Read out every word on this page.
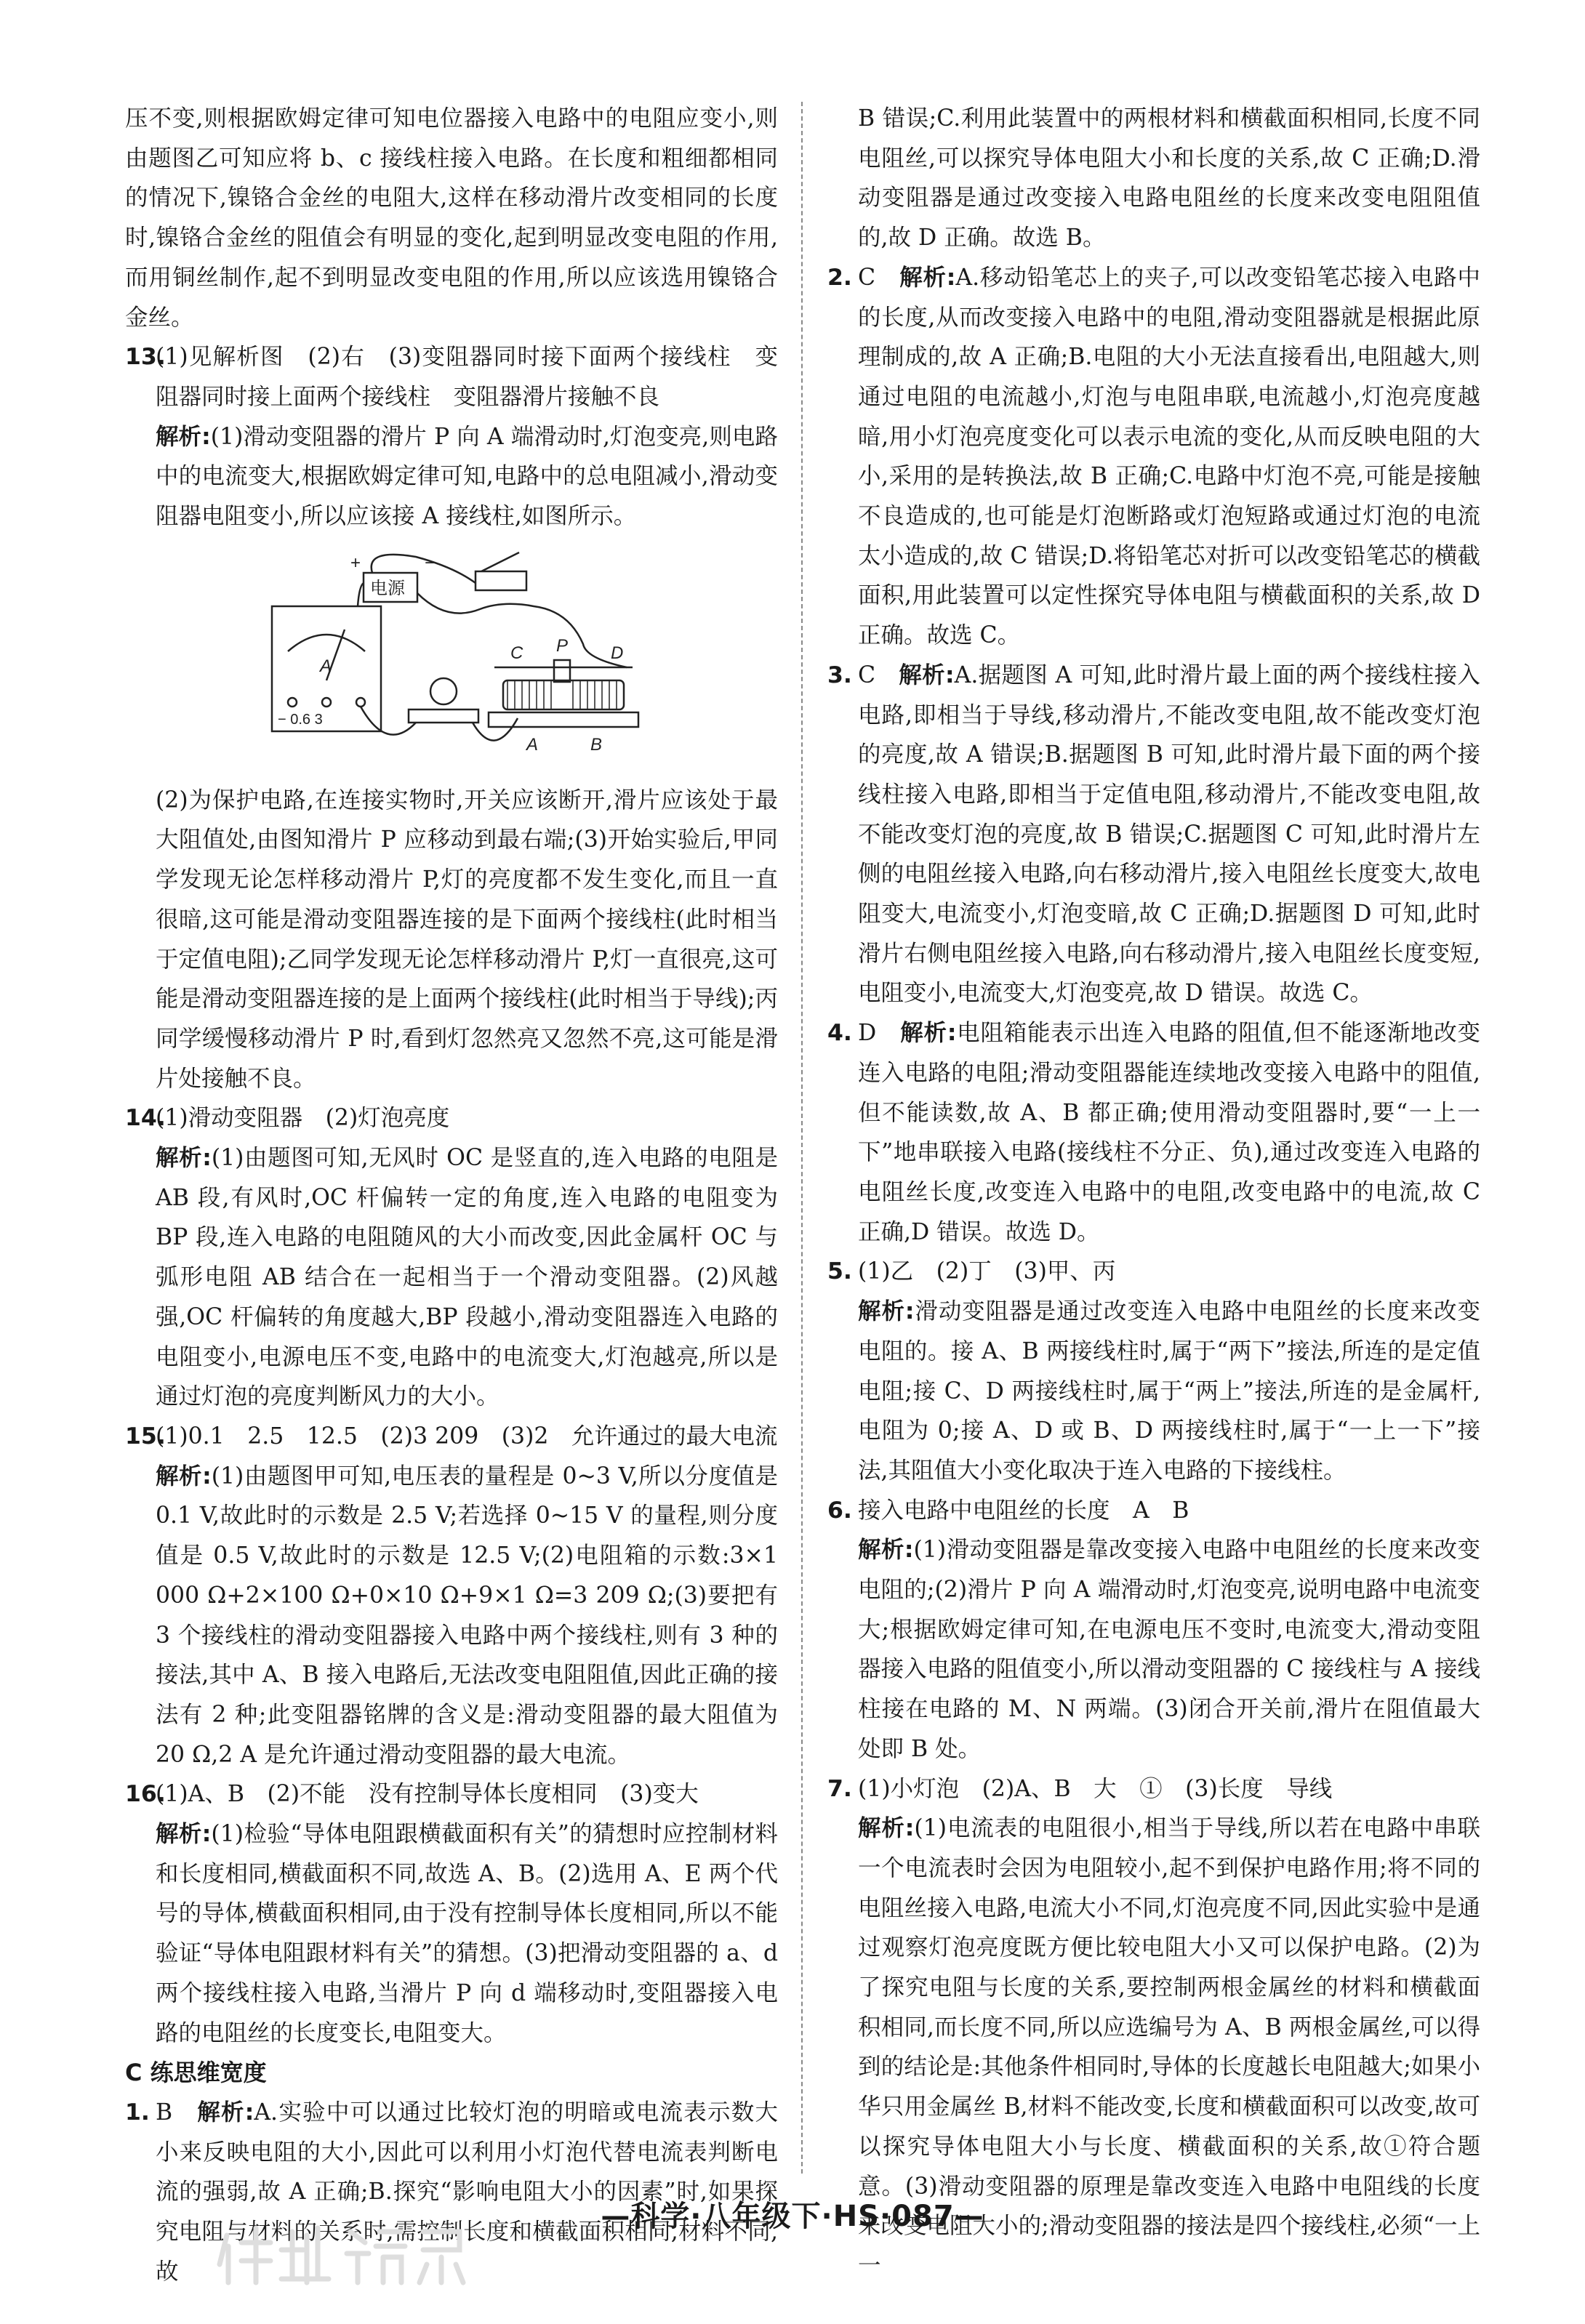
压不变,则根据欧姆定律可知电位器接入电路中的电阻应变小,则由题图乙可知应将 b、c 接线柱接入电路。在长度和粗细都相同的情况下,镍铬合金丝的电阻大,这样在移动滑片改变相同的长度时,镍铬合金丝的阻值会有明显的变化,起到明显改变电阻的作用,而用铜丝制作,起不到明显改变电阻的作用,所以应该选用镍铬合金丝。

13.(1)见解析图　(2)右　(3)变阻器同时接下面两个接线柱　变阻器同时接上面两个接线柱　变阻器滑片接触不良

解析:(1)滑动变阻器的滑片 P 向 A 端滑动时,灯泡变亮,则电路中的电流变大,根据欧姆定律可知,电路中的总电阻减小,滑动变阻器电阻变小,所以应该接 A 接线柱,如图所示。

电源
+	−
A
− 0.6 3
C P D
A	B

(2)为保护电路,在连接实物时,开关应该断开,滑片应该处于最大阻值处,由图知滑片 P 应移动到最右端;(3)开始实验后,甲同学发现无论怎样移动滑片 P,灯的亮度都不发生变化,而且一直很暗,这可能是滑动变阻器连接的是下面两个接线柱(此时相当于定值电阻);乙同学发现无论怎样移动滑片 P,灯一直很亮,这可能是滑动变阻器连接的是上面两个接线柱(此时相当于导线);丙同学缓慢移动滑片 P 时,看到灯忽然亮又忽然不亮,这可能是滑片处接触不良。

14.(1)滑动变阻器　(2)灯泡亮度

解析:(1)由题图可知,无风时 OC 是竖直的,连入电路的电阻是 AB 段,有风时,OC 杆偏转一定的角度,连入电路的电阻变为 BP 段,连入电路的电阻随风的大小而改变,因此金属杆 OC 与弧形电阻 AB 结合在一起相当于一个滑动变阻器。(2)风越强,OC 杆偏转的角度越大,BP 段越小,滑动变阻器连入电路的电阻变小,电源电压不变,电路中的电流变大,灯泡越亮,所以是通过灯泡的亮度判断风力的大小。

15.(1)0.1　2.5　12.5　(2)3 209　(3)2　允许通过的最大电流

解析:(1)由题图甲可知,电压表的量程是 0~3 V,所以分度值是 0.1 V,故此时的示数是 2.5 V;若选择 0~15 V 的量程,则分度值是 0.5 V,故此时的示数是 12.5 V;(2)电阻箱的示数:3×1 000 Ω+2×100 Ω+0×10 Ω+9×1 Ω=3 209 Ω;(3)要把有 3 个接线柱的滑动变阻器接入电路中两个接线柱,则有 3 种的接法,其中 A、B 接入电路后,无法改变电阻阻值,因此正确的接法有 2 种;此变阻器铭牌的含义是:滑动变阻器的最大阻值为 20 Ω,2 A 是允许通过滑动变阻器的最大电流。

16.(1)A、B　(2)不能　没有控制导体长度相同　(3)变大

解析:(1)检验“导体电阻跟横截面积有关”的猜想时应控制材料和长度相同,横截面积不同,故选 A、B。(2)选用 A、E 两个代号的导体,横截面积相同,由于没有控制导体长度相同,所以不能验证“导体电阻跟材料有关”的猜想。(3)把滑动变阻器的 a、d 两个接线柱接入电路,当滑片 P 向 d 端移动时,变阻器接入电路的电阻丝的长度变长,电阻变大。

C 练思维宽度

1. B　 解析:A.实验中可以通过比较灯泡的明暗或电流表示数大小来反映电阻的大小,因此可以利用小灯泡代替电流表判断电流的强弱,故 A 正确;B.探究“影响电阻大小的因素”时,如果探究电阻与材料的关系时,需控制长度和横截面积相同,材料不同,故

B 错误;C.利用此装置中的两根材料和横截面积相同,长度不同电阻丝,可以探究导体电阻大小和长度的关系,故 C 正确;D.滑动变阻器是通过改变接入电路电阻丝的长度来改变电阻阻值的,故 D 正确。故选 B。

2. C　 解析:A.移动铅笔芯上的夹子,可以改变铅笔芯接入电路中的长度,从而改变接入电路中的电阻,滑动变阻器就是根据此原理制成的,故 A 正确;B.电阻的大小无法直接看出,电阻越大,则通过电阻的电流越小,灯泡与电阻串联,电流越小,灯泡亮度越暗,用小灯泡亮度变化可以表示电流的变化,从而反映电阻的大小,采用的是转换法,故 B 正确;C.电路中灯泡不亮,可能是接触不良造成的,也可能是灯泡断路或灯泡短路或通过灯泡的电流太小造成的,故 C 错误;D.将铅笔芯对折可以改变铅笔芯的横截面积,用此装置可以定性探究导体电阻与横截面积的关系,故 D 正确。故选 C。

3. C　 解析:A.据题图 A 可知,此时滑片最上面的两个接线柱接入电路,即相当于导线,移动滑片,不能改变电阻,故不能改变灯泡的亮度,故 A 错误;B.据题图 B 可知,此时滑片最下面的两个接线柱接入电路,即相当于定值电阻,移动滑片,不能改变电阻,故不能改变灯泡的亮度,故 B 错误;C.据题图 C 可知,此时滑片左侧的电阻丝接入电路,向右移动滑片,接入电阻丝长度变大,故电阻变大,电流变小,灯泡变暗,故 C 正确;D.据题图 D 可知,此时滑片右侧电阻丝接入电路,向右移动滑片,接入电阻丝长度变短,电阻变小,电流变大,灯泡变亮,故 D 错误。故选 C。

4. D　 解析:电阻箱能表示出连入电路的阻值,但不能逐渐地改变连入电路的电阻;滑动变阻器能连续地改变接入电路中的阻值,但不能读数,故 A、B 都正确;使用滑动变阻器时,要“一上一下”地串联接入电路(接线柱不分正、负),通过改变连入电路的电阻丝长度,改变连入电路中的电阻,改变电路中的电流,故 C 正确,D 错误。故选 D。

5. (1)乙　(2)丁　(3)甲、丙

解析:滑动变阻器是通过改变连入电路中电阻丝的长度来改变电阻的。接 A、B 两接线柱时,属于“两下”接法,所连的是定值电阻;接 C、D 两接线柱时,属于“两上”接法,所连的是金属杆,电阻为 0;接 A、D 或 B、D 两接线柱时,属于“一上一下”接法,其阻值大小变化取决于连入电路的下接线柱。

6. 接入电路中电阻丝的长度　A　B

解析:(1)滑动变阻器是靠改变接入电路中电阻丝的长度来改变电阻的;(2)滑片 P 向 A 端滑动时,灯泡变亮,说明电路中电流变大;根据欧姆定律可知,在电源电压不变时,电流变大,滑动变阻器接入电路的阻值变小,所以滑动变阻器的 C 接线柱与 A 接线柱接在电路的 M、N 两端。(3)闭合开关前,滑片在阻值最大处即 B 处。

7. (1)小灯泡　(2)A、B　大　①　(3)长度　导线

解析:(1)电流表的电阻很小,相当于导线,所以若在电路中串联一个电流表时会因为电阻较小,起不到保护电路作用;将不同的电阻丝接入电路,电流大小不同,灯泡亮度不同,因此实验中是通过观察灯泡亮度既方便比较电阻大小又可以保护电路。(2)为了探究电阻与长度的关系,要控制两根金属丝的材料和横截面积相同,而长度不同,所以应选编号为 A、B 两根金属丝,可以得到的结论是:其他条件相同时,导体的长度越长电阻越大;如果小华只用金属丝 B,材料不能改变,长度和横截面积可以改变,故可以探究导体电阻大小与长度、横截面积的关系,故①符合题意。(3)滑动变阻器的原理是靠改变连入电路中电阻线的长度来改变电阻大小的;滑动变阻器的接法是四个接线柱,必须“一上一

—科学·八年级下·HS·087—
